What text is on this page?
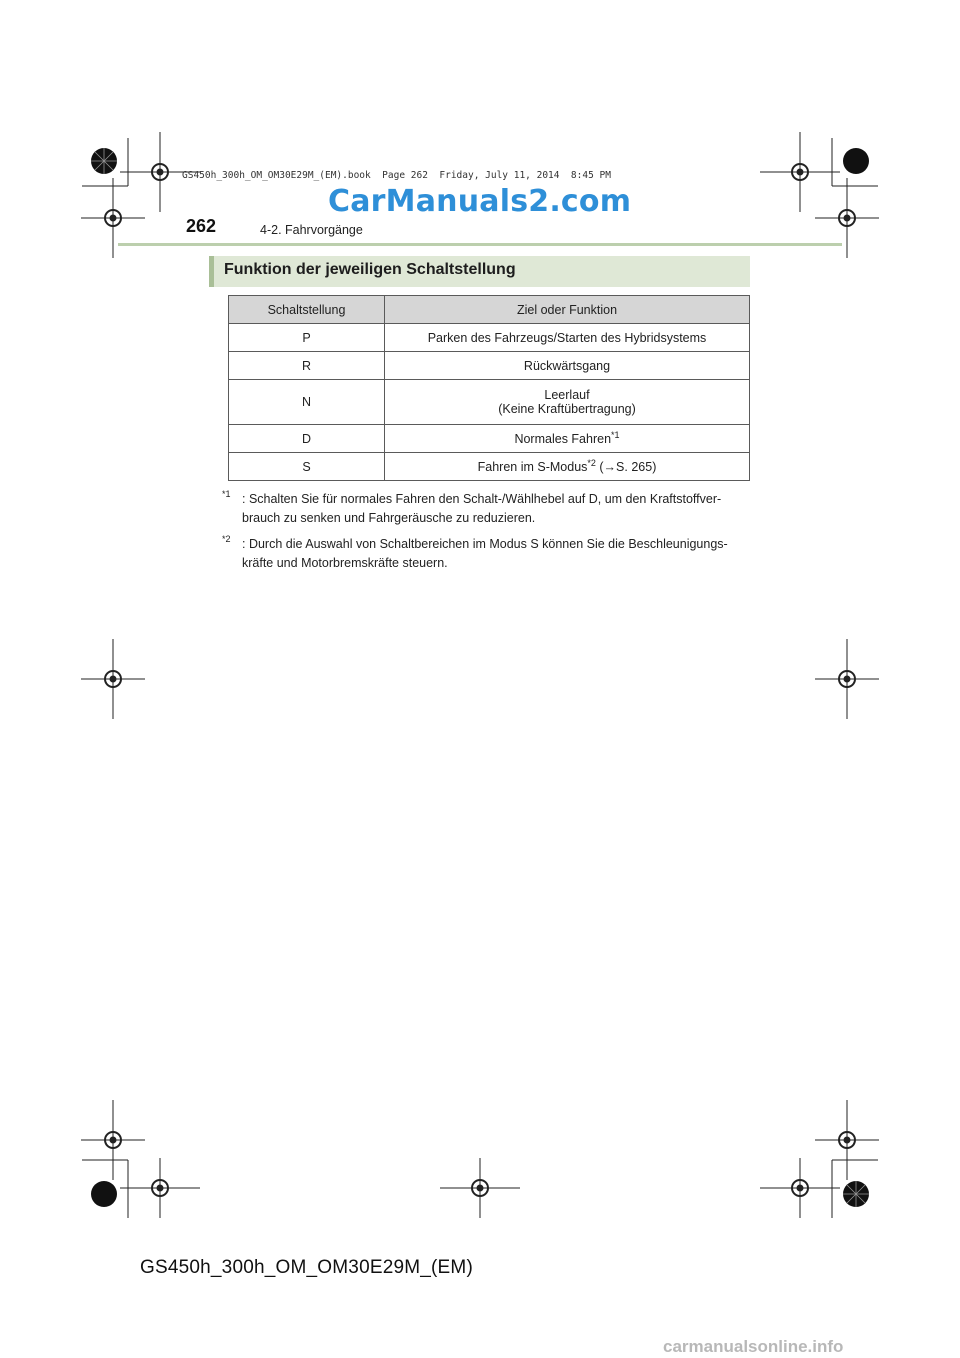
GS450h_300h_OM_OM30E29M_(EM).book  Page 262  Friday, July 11, 2014  8:45 PM
CarManuals2.com
262	4-2. Fahrvorgänge
Funktion der jeweiligen Schaltstellung
Schaltstellung	Ziel oder Funktion
P	Parken des Fahrzeugs/Starten des Hybridsystems
R	Rückwärtsgang
N	Leerlauf
(Keine Kraftübertragung)

D	Normales Fahren$^{*1}$
S	Fahren im S-Modus$^{*2}$ (→S. 265)
*1 : Schalten Sie für normales Fahren den Schalt-/Wählhebel auf D, um den Kraftstoffver-
brauch zu senken und Fahrgeräusche zu reduzieren.
*2 : Durch die Auswahl von Schaltbereichen im Modus S können Sie die Beschleunigungs-
kräfte und Motorbremskräfte steuern.
GS450h_300h_OM_OM30E29M_(EM)
carmanualsonline.info
